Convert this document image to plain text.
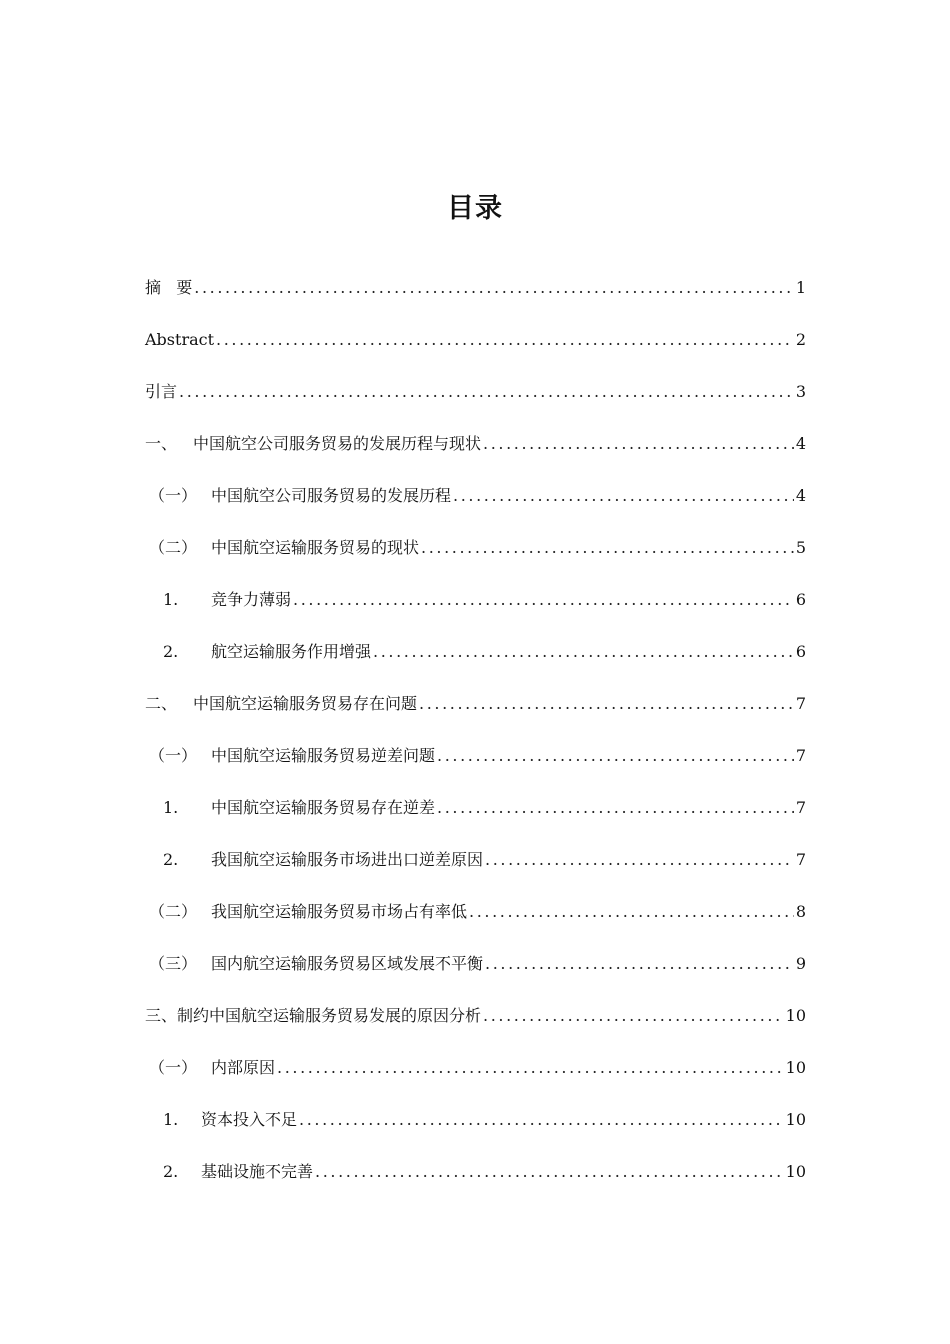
目录
摘   要 .....	1
Abstract .....	2
引言 .....	3
一、 中国航空公司服务贸易的发展历程与现状 .....	4
（一） 中国航空公司服务贸易的发展历程 .....	4
（二） 中国航空运输服务贸易的现状 .....	5
1.	竞争力薄弱 .....	6
2.	航空运输服务作用增强 .....	6
二、 中国航空运输服务贸易存在问题 .....	7
（一） 中国航空运输服务贸易逆差问题 .....	7
1.	中国航空运输服务贸易存在逆差 .....	7
2.	我国航空运输服务市场进出口逆差原因 .....	7
（二） 我国航空运输服务贸易市场占有率低 .....	8
（三） 国内航空运输服务贸易区域发展不平衡 .....	9
三、 制约中国航空运输服务贸易发展的原因分析 .....	10
（一） 内部原因 .....	10
1.	资本投入不足 .....	10
2.	基础设施不完善 .....	10
